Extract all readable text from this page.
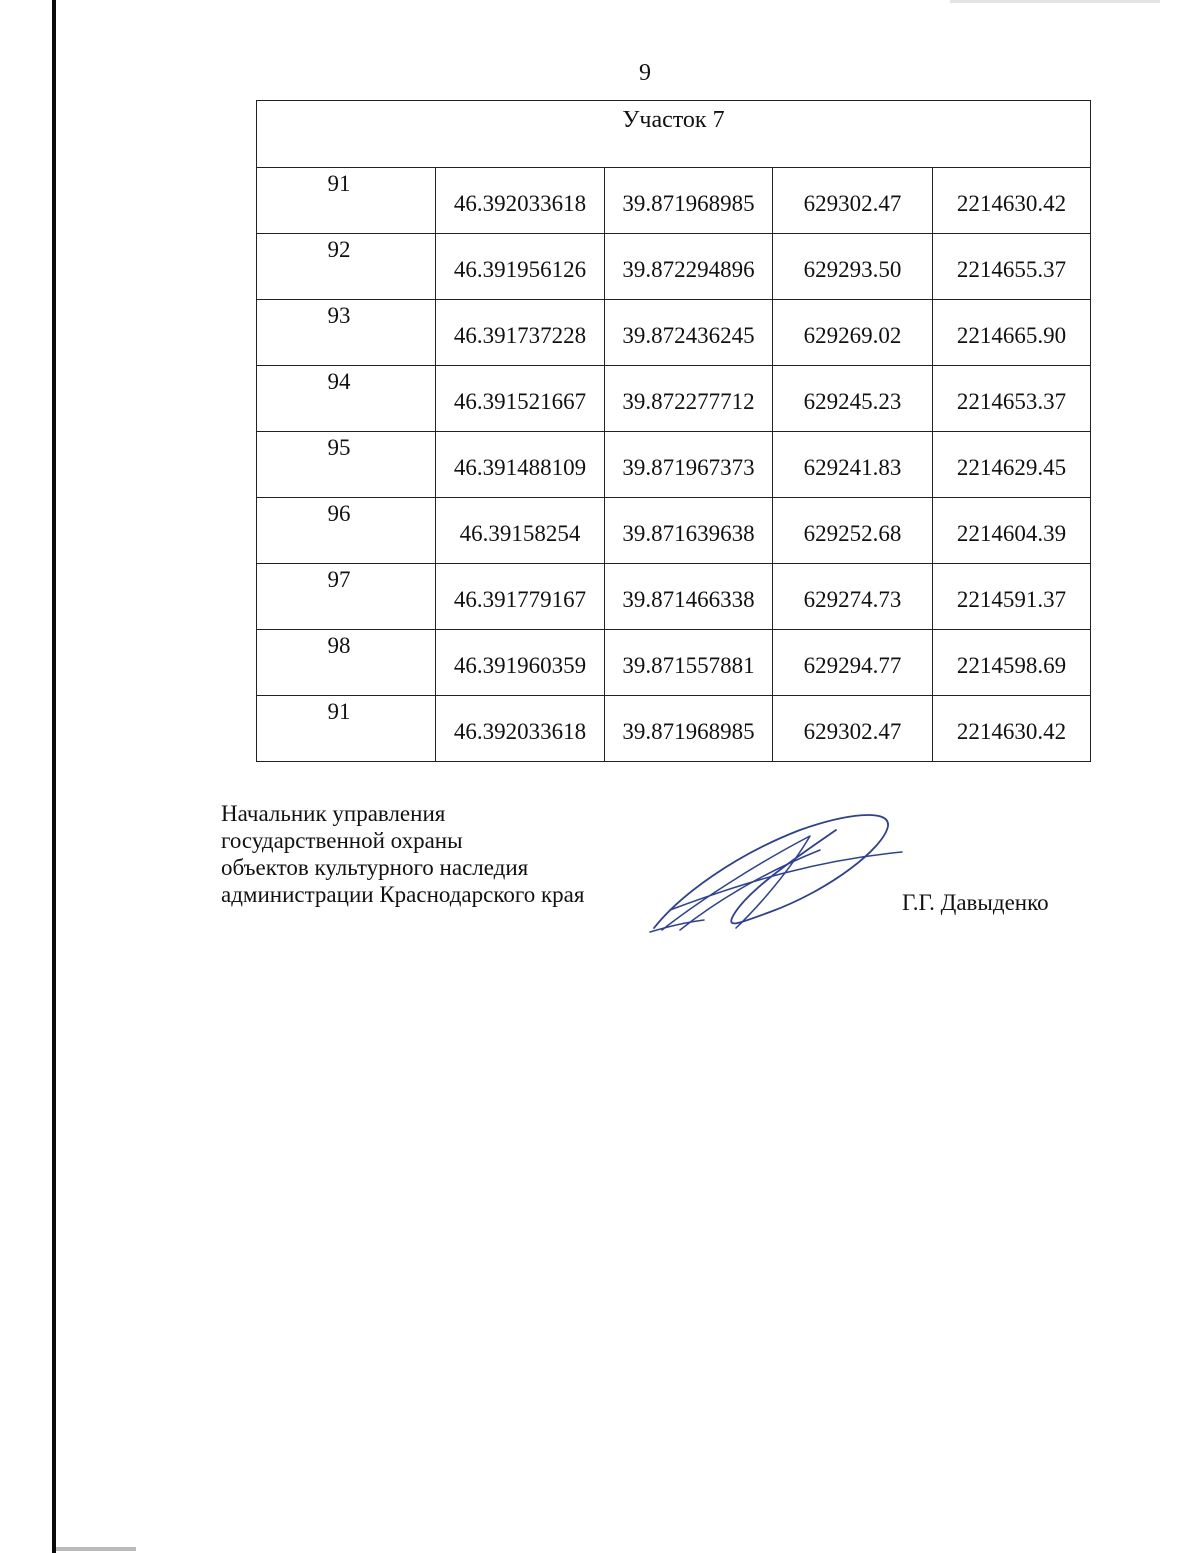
9
Участок 7				
91	46.392033618	39.871968985	629302.47	2214630.42
92	46.391956126	39.872294896	629293.50	2214655.37
93	46.391737228	39.872436245	629269.02	2214665.90
94	46.391521667	39.872277712	629245.23	2214653.37
95	46.391488109	39.871967373	629241.83	2214629.45
96	46.39158254	39.871639638	629252.68	2214604.39
97	46.391779167	39.871466338	629274.73	2214591.37
98	46.391960359	39.871557881	629294.77	2214598.69
91	46.392033618	39.871968985	629302.47	2214630.42
Начальник управления
государственной охраны
объектов культурного наследия
администрации Краснодарского края	Г.Г. Давыденко
